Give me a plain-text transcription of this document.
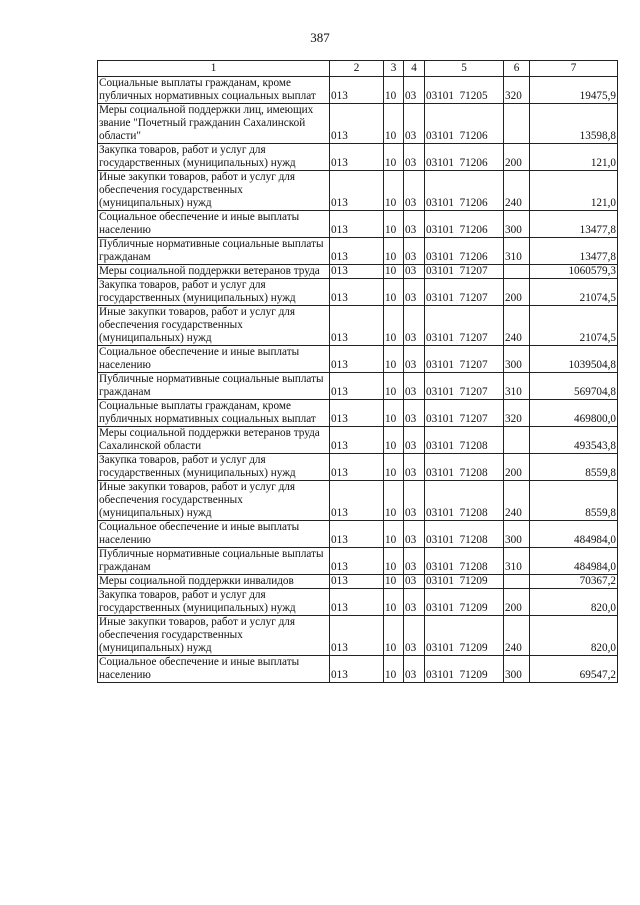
387
1	2	3	4	5	6	7
Социальные выплаты гражданам, кроме публичных нормативных социальных выплат	013	10	03	03101  71205	320	19475,9
Меры социальной поддержки лиц, имеющих звание "Почетный гражданин Сахалинской области"	013	10	03	03101  71206		13598,8
Закупка товаров, работ и услуг для государственных (муниципальных) нужд	013	10	03	03101  71206	200	121,0
Иные закупки товаров, работ и услуг для обеспечения государственных (муниципальных) нужд	013	10	03	03101  71206	240	121,0
Социальное обеспечение и иные выплаты населению	013	10	03	03101  71206	300	13477,8
Публичные нормативные социальные выплаты гражданам	013	10	03	03101  71206	310	13477,8
Меры социальной поддержки ветеранов труда	013	10	03	03101  71207		1060579,3
Закупка товаров, работ и услуг для государственных (муниципальных) нужд	013	10	03	03101  71207	200	21074,5
Иные закупки товаров, работ и услуг для обеспечения государственных (муниципальных) нужд	013	10	03	03101  71207	240	21074,5
Социальное обеспечение и иные выплаты населению	013	10	03	03101  71207	300	1039504,8
Публичные нормативные социальные выплаты гражданам	013	10	03	03101  71207	310	569704,8
Социальные выплаты гражданам, кроме публичных нормативных социальных выплат	013	10	03	03101  71207	320	469800,0
Меры социальной поддержки ветеранов труда Сахалинской области	013	10	03	03101  71208		493543,8
Закупка товаров, работ и услуг для государственных (муниципальных) нужд	013	10	03	03101  71208	200	8559,8
Иные закупки товаров, работ и услуг для обеспечения государственных (муниципальных) нужд	013	10	03	03101  71208	240	8559,8
Социальное обеспечение и иные выплаты населению	013	10	03	03101  71208	300	484984,0
Публичные нормативные социальные выплаты гражданам	013	10	03	03101  71208	310	484984,0
Меры социальной поддержки инвалидов	013	10	03	03101  71209		70367,2
Закупка товаров, работ и услуг для государственных (муниципальных) нужд	013	10	03	03101  71209	200	820,0
Иные закупки товаров, работ и услуг для обеспечения государственных (муниципальных) нужд	013	10	03	03101  71209	240	820,0
Социальное обеспечение и иные выплаты населению	013	10	03	03101  71209	300	69547,2
